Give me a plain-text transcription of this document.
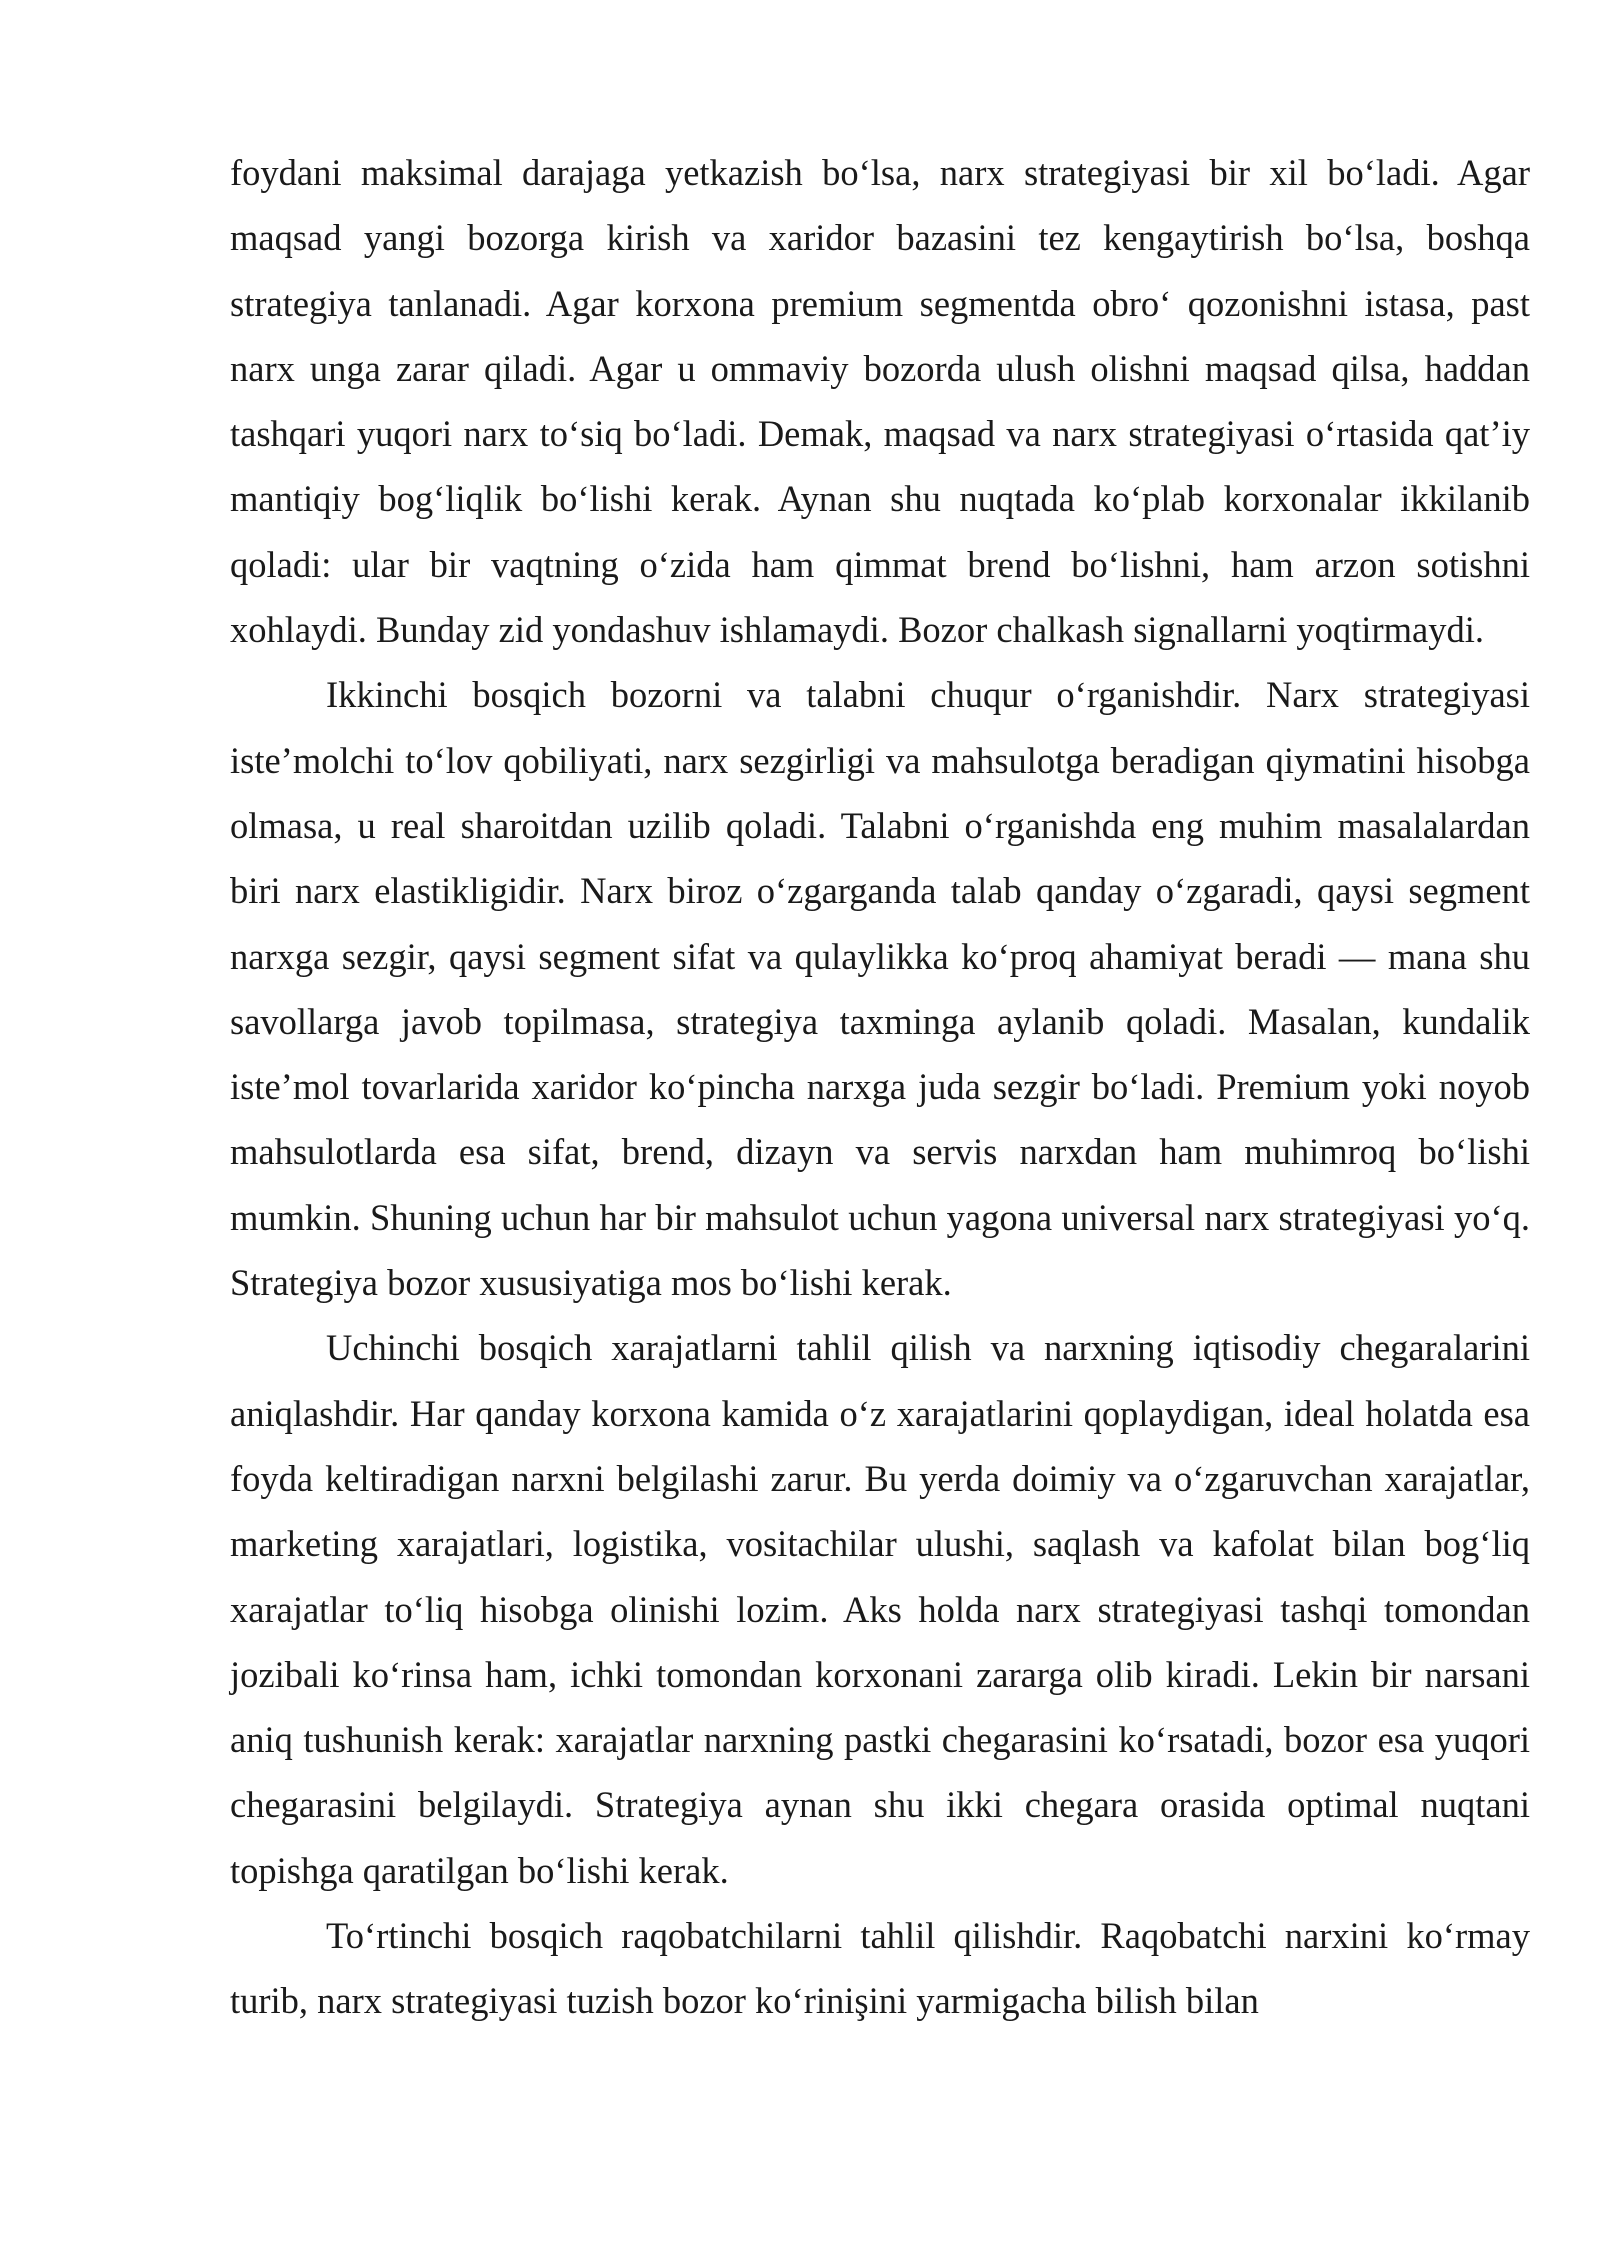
foydani maksimal darajaga yetkazish bo‘lsa, narx strategiyasi bir xil bo‘ladi. Agar maqsad yangi bozorga kirish va xaridor bazasini tez kengaytirish bo‘lsa, boshqa strategiya tanlanadi. Agar korxona premium segmentda obro‘ qozonishni istasa, past narx unga zarar qiladi. Agar u ommaviy bozorda ulush olishni maqsad qilsa, haddan tashqari yuqori narx to‘siq bo‘ladi. Demak, maqsad va narx strategiyasi o‘rtasida qat’iy mantiqiy bog‘liqlik bo‘lishi kerak. Aynan shu nuqtada ko‘plab korxonalar ikkilanib qoladi: ular bir vaqtning o‘zida ham qimmat brend bo‘lishni, ham arzon sotishni xohlaydi. Bunday zid yondashuv ishlamaydi. Bozor chalkash signallarni yoqtirmaydi.

Ikkinchi bosqich bozorni va talabni chuqur o‘rganishdir. Narx strategiyasi iste’molchi to‘lov qobiliyati, narx sezgirligi va mahsulotga beradigan qiymatini hisobga olmasa, u real sharoitdan uzilib qoladi. Talabni o‘rganishda eng muhim masalalardan biri narx elastikligidir. Narx biroz o‘zgarganda talab qanday o‘zgaradi, qaysi segment narxga sezgir, qaysi segment sifat va qulaylikka ko‘proq ahamiyat beradi — mana shu savollarga javob topilmasa, strategiya taxminga aylanib qoladi. Masalan, kundalik iste’mol tovarlarida xaridor ko‘pincha narxga juda sezgir bo‘ladi. Premium yoki noyob mahsulotlarda esa sifat, brend, dizayn va servis narxdan ham muhimroq bo‘lishi mumkin. Shuning uchun har bir mahsulot uchun yagona universal narx strategiyasi yo‘q. Strategiya bozor xususiyatiga mos bo‘lishi kerak.

Uchinchi bosqich xarajatlarni tahlil qilish va narxning iqtisodiy chegaralarini aniqlashdir. Har qanday korxona kamida o‘z xarajatlarini qoplaydigan, ideal holatda esa foyda keltiradigan narxni belgilashi zarur. Bu yerda doimiy va o‘zgaruvchan xarajatlar, marketing xarajatlari, logistika, vositachilar ulushi, saqlash va kafolat bilan bog‘liq xarajatlar to‘liq hisobga olinishi lozim. Aks holda narx strategiyasi tashqi tomondan jozibali ko‘rinsa ham, ichki tomondan korxonani zararga olib kiradi. Lekin bir narsani aniq tushunish kerak: xarajatlar narxning pastki chegarasini ko‘rsatadi, bozor esa yuqori chegarasini belgilaydi. Strategiya aynan shu ikki chegara orasida optimal nuqtani topishga qaratilgan bo‘lishi kerak.

To‘rtinchi bosqich raqobatchilarni tahlil qilishdir. Raqobatchi narxini ko‘rmay turib, narx strategiyasi tuzish bozor ko‘rinişini yarmigacha bilish bilan
